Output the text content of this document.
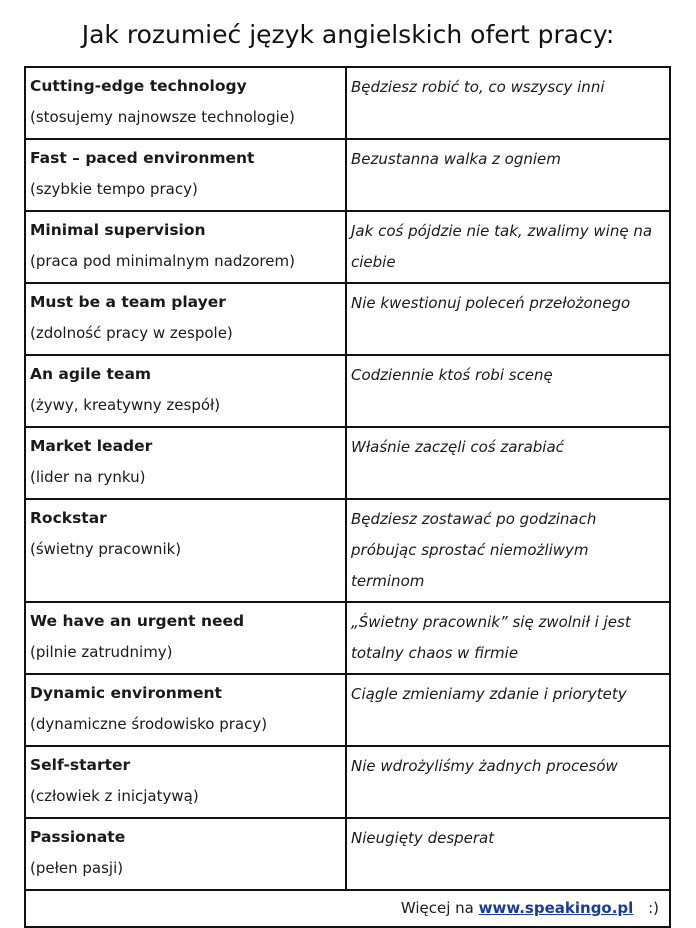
Jak rozumieć język angielskich ofert pracy:
Cutting-edge technology
(stosujemy najnowsze technologie)	Będziesz robić to, co wszyscy inni

Fast – paced environment
(szybkie tempo pracy)	Bezustanna walka z ogniem

Minimal supervision
(praca pod minimalnym nadzorem)	Jak coś pójdzie nie tak, zwalimy winę na ciebie

Must be a team player
(zdolność pracy w zespole)	Nie kwestionuj poleceń przełożonego

An agile team
(żywy, kreatywny zespół)	Codziennie ktoś robi scenę

Market leader
(lider na rynku)	Właśnie zaczęli coś zarabiać

Rockstar
(świetny pracownik)	Będziesz zostawać po godzinach próbując sprostać niemożliwym terminom

We have an urgent need
(pilnie zatrudnimy)	„Świetny pracownik” się zwolnił i jest totalny chaos w firmie

Dynamic environment
(dynamiczne środowisko pracy)	Ciągle zmieniamy zdanie i priorytety

Self-starter
(człowiek z inicjatywą)	Nie wdrożyliśmy żadnych procesów

Passionate
(pełen pasji)	Nieugięty desperat
Więcej na www.speakingo.pl :)	
